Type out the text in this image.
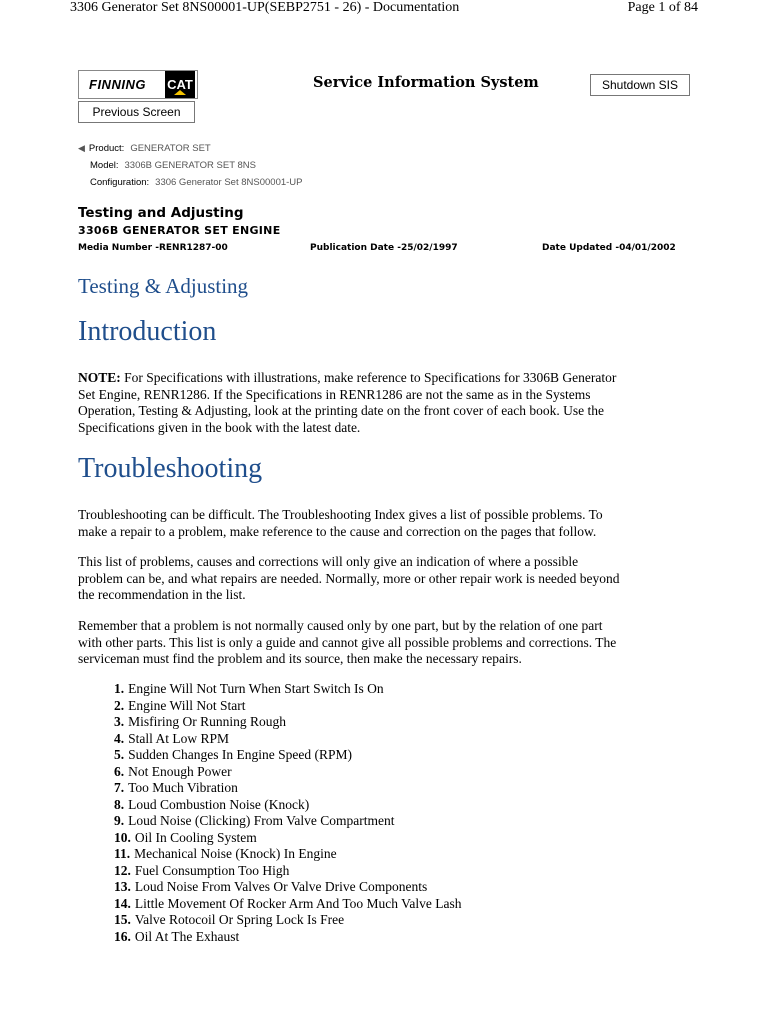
3306 Generator Set 8NS00001-UP(SEBP2751 - 26) - Documentation	Page 1 of 84
FINNING	CAT	Service Information System	Shutdown SIS
Previous Screen
◀ Product: GENERATOR SET
Model: 3306B GENERATOR SET 8NS
Configuration: 3306 Generator Set 8NS00001-UP
Testing and Adjusting
3306B GENERATOR SET ENGINE
Media Number -RENR1287-00	Publication Date -25/02/1997	Date Updated -04/01/2002
Testing & Adjusting
Introduction
NOTE: For Specifications with illustrations, make reference to Specifications for 3306B Generator
Set Engine, RENR1286. If the Specifications in RENR1286 are not the same as in the Systems
Operation, Testing & Adjusting, look at the printing date on the front cover of each book. Use the
Specifications given in the book with the latest date.
Troubleshooting
Troubleshooting can be difficult. The Troubleshooting Index gives a list of possible problems. To
make a repair to a problem, make reference to the cause and correction on the pages that follow.
This list of problems, causes and corrections will only give an indication of where a possible
problem can be, and what repairs are needed. Normally, more or other repair work is needed beyond
the recommendation in the list.
Remember that a problem is not normally caused only by one part, but by the relation of one part
with other parts. This list is only a guide and cannot give all possible problems and corrections. The
serviceman must find the problem and its source, then make the necessary repairs.
1. Engine Will Not Turn When Start Switch Is On
2. Engine Will Not Start
3. Misfiring Or Running Rough
4. Stall At Low RPM
5. Sudden Changes In Engine Speed (RPM)
6. Not Enough Power
7. Too Much Vibration
8. Loud Combustion Noise (Knock)
9. Loud Noise (Clicking) From Valve Compartment
10. Oil In Cooling System
11. Mechanical Noise (Knock) In Engine
12. Fuel Consumption Too High
13. Loud Noise From Valves Or Valve Drive Components
14. Little Movement Of Rocker Arm And Too Much Valve Lash
15. Valve Rotocoil Or Spring Lock Is Free
16. Oil At The Exhaust
